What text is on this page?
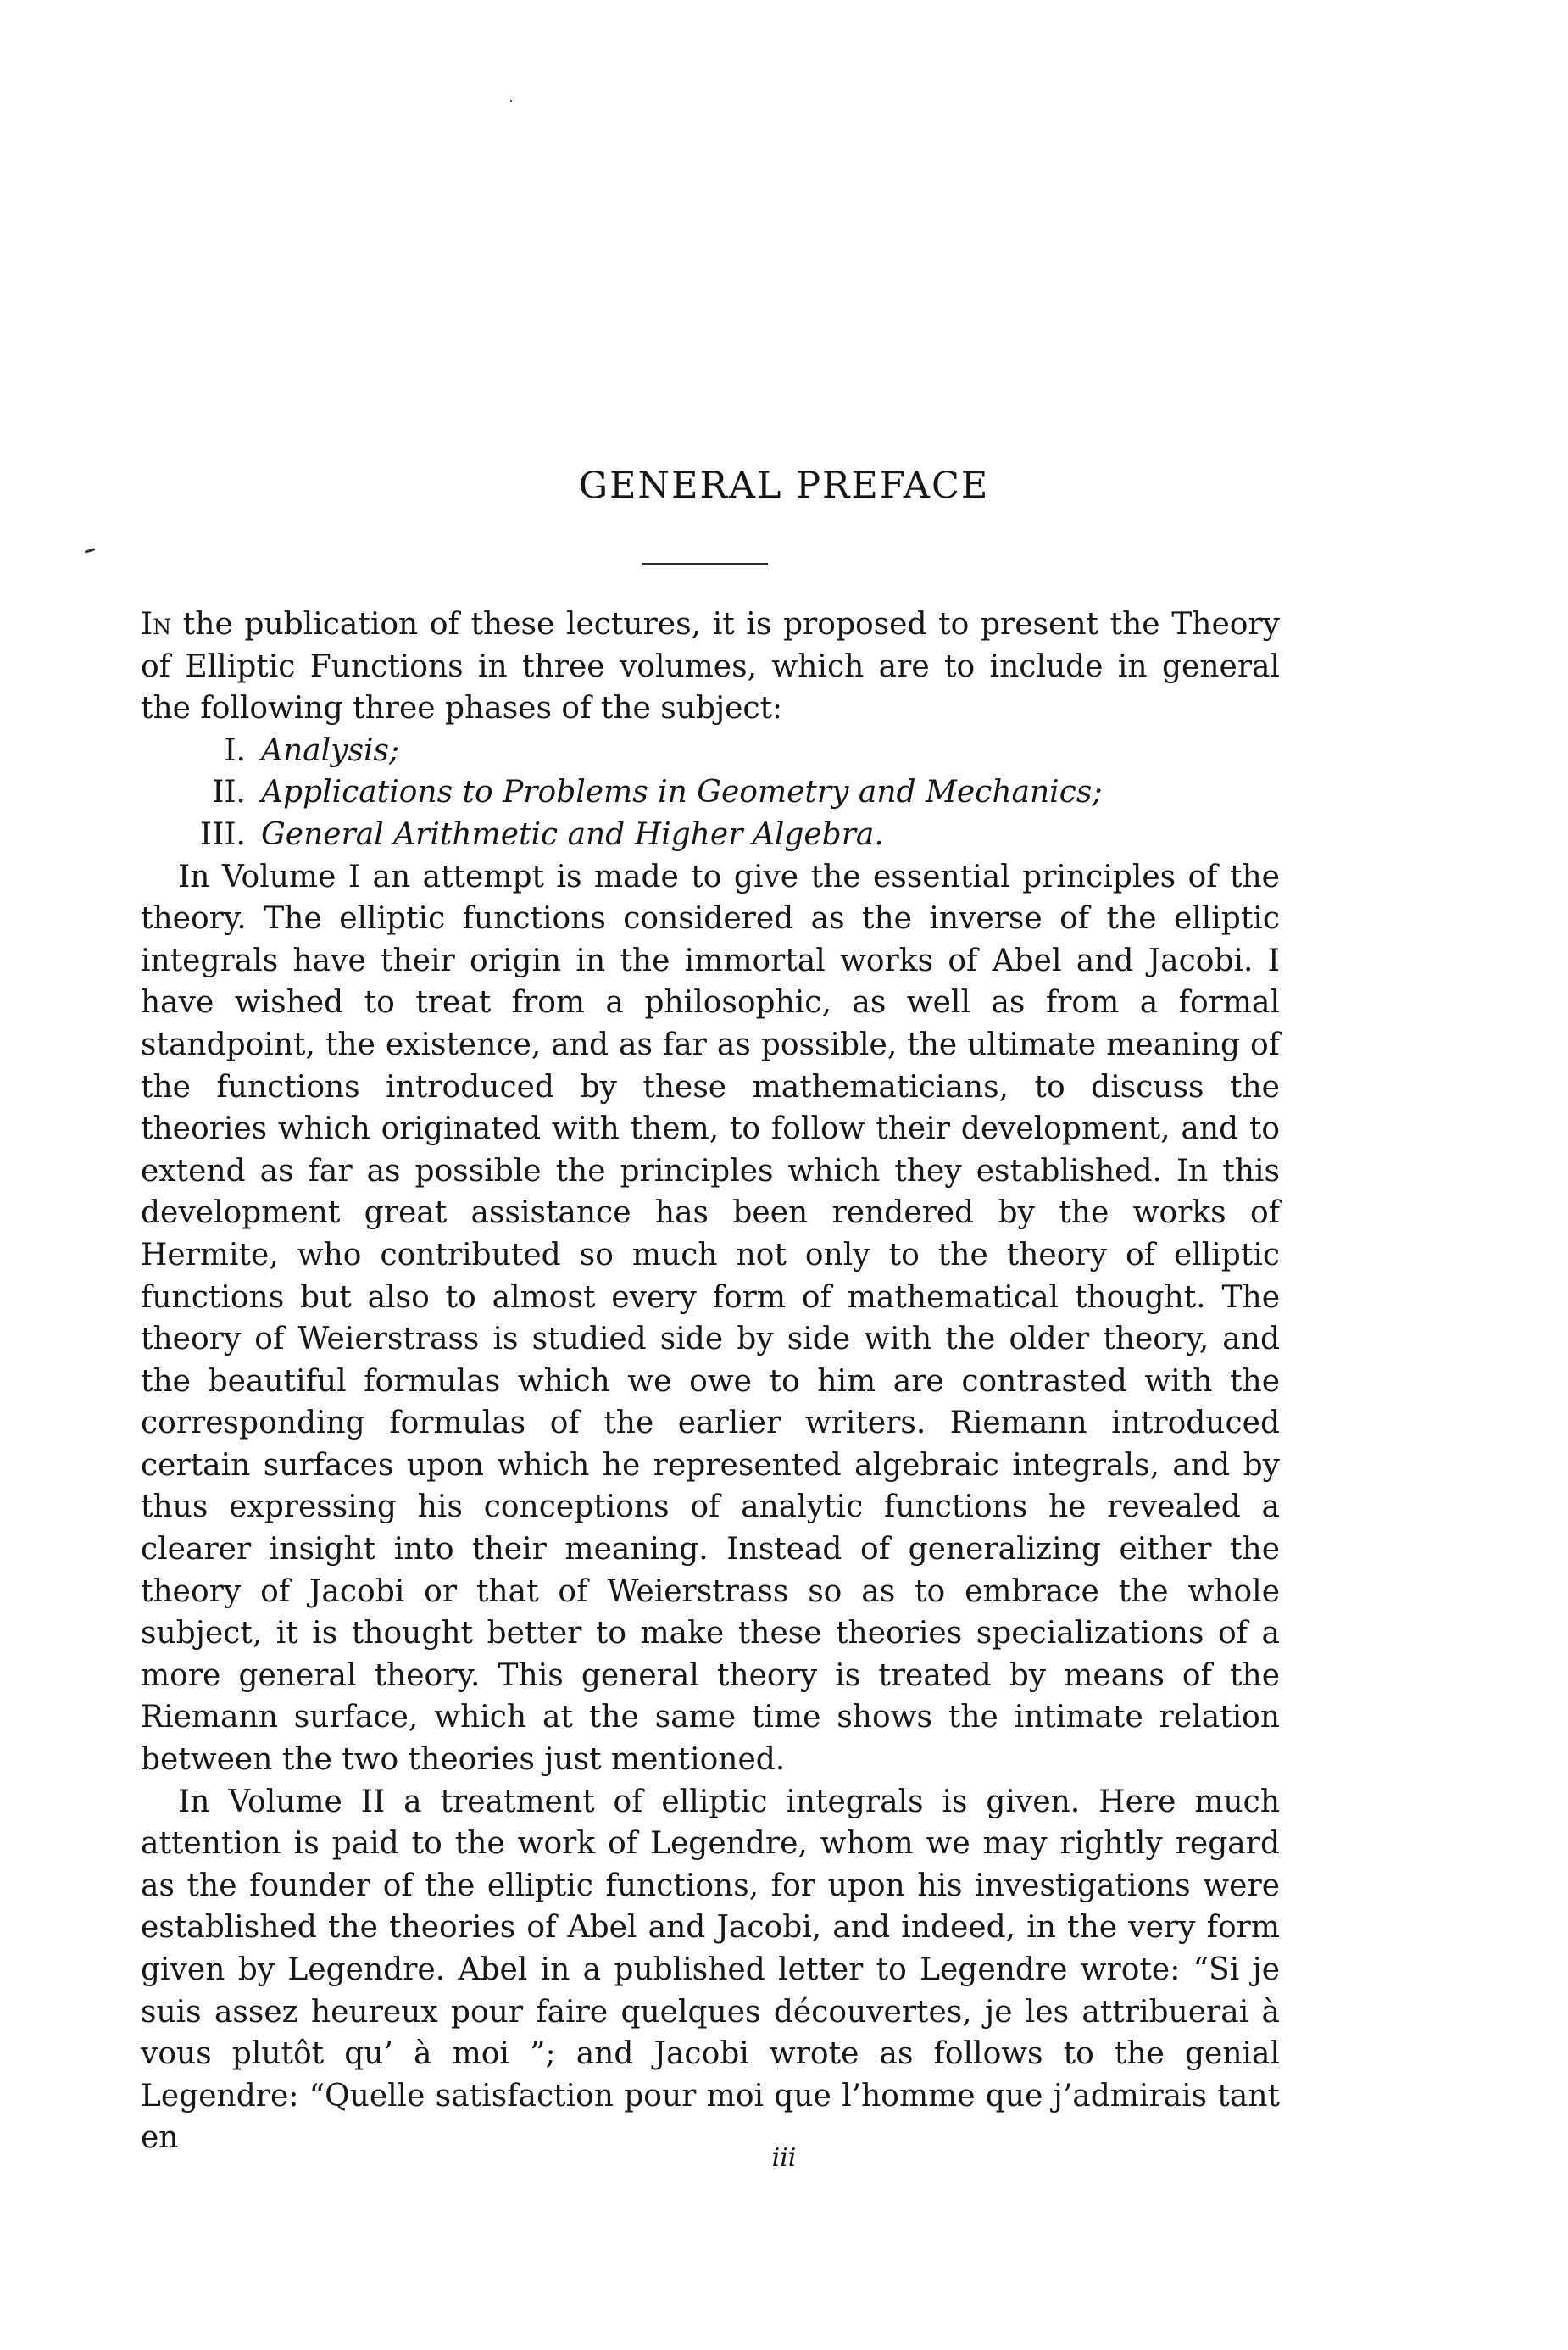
GENERAL PREFACE

In the publication of these lectures, it is proposed to present the Theory of Elliptic Functions in three volumes, which are to include in general the following three phases of the subject:

I. Analysis;
II. Applications to Problems in Geometry and Mechanics;
III. General Arithmetic and Higher Algebra.

In Volume I an attempt is made to give the essential principles of the theory. The elliptic functions considered as the inverse of the elliptic integrals have their origin in the immortal works of Abel and Jacobi. I have wished to treat from a philosophic, as well as from a formal standpoint, the existence, and as far as possible, the ultimate meaning of the functions introduced by these mathematicians, to discuss the theories which originated with them, to follow their development, and to extend as far as possible the principles which they established. In this development great assistance has been rendered by the works of Hermite, who contributed so much not only to the theory of elliptic functions but also to almost every form of mathematical thought. The theory of Weierstrass is studied side by side with the older theory, and the beautiful formulas which we owe to him are contrasted with the corresponding formulas of the earlier writers. Riemann introduced certain surfaces upon which he represented algebraic integrals, and by thus expressing his conceptions of analytic functions he revealed a clearer insight into their meaning. Instead of generalizing either the theory of Jacobi or that of Weierstrass so as to embrace the whole subject, it is thought better to make these theories specializations of a more general theory. This general theory is treated by means of the Riemann surface, which at the same time shows the intimate relation between the two theories just mentioned.

In Volume II a treatment of elliptic integrals is given. Here much attention is paid to the work of Legendre, whom we may rightly regard as the founder of the elliptic functions, for upon his investigations were established the theories of Abel and Jacobi, and indeed, in the very form given by Legendre. Abel in a published letter to Legendre wrote: “Si je suis assez heureux pour faire quelques découvertes, je les attribuerai à vous plutôt qu’ à moi ”; and Jacobi wrote as follows to the genial Legendre: “Quelle satisfaction pour moi que l’homme que j’admirais tant en

iii
